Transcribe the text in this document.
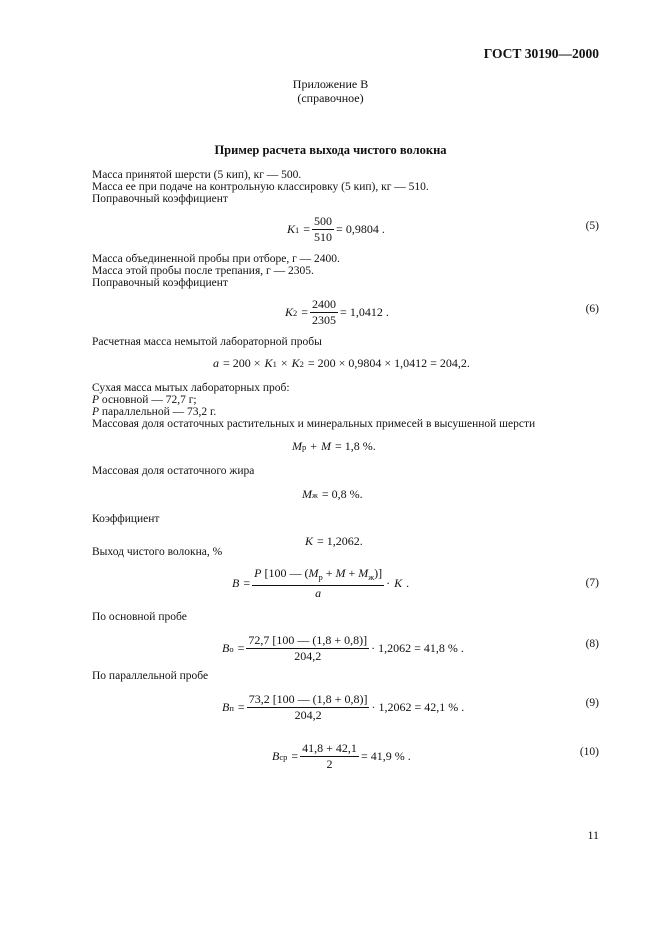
ГОСТ 30190—2000
Приложение В
(справочное)
Пример расчета выхода чистого волокна
Масса принятой шерсти (5 кип), кг — 500.
Масса ее при подаче на контрольную классировку (5 кип), кг — 510.
Поправочный коэффициент
K $1 = \frac{500}{510} = 0,9804$ .	(5)
Масса объединенной пробы при отборе, г — 2400.
Масса этой пробы после трепания, г — 2305.
Поправочный коэффициент
K $2 = \frac{2400}{2305} = 1,0412$ .	(6)
Расчетная масса немытой лабораторной пробы
a = 200 × K 1 × K 2 = 200 × 0,9804 × 1,0412 = 204,2.
Сухая масса мытых лабораторных проб:
P основной — 72,7 г;
P параллельной — 73,2 г.
Массовая доля остаточных растительных и минеральных примесей в высушенной шерсти
M р + M = 1,8 %.
Массовая доля остаточного жира
M ж = 0,8 %.
Коэффициент
K = 1,2062.
Выход чистого волокна, %
$B = \frac{P [100 — (M_р + M + M_ж)]}{a} \cdot K$ .	(7)
По основной пробе
B $о = \frac{72,7 [100 — (1,8 + 0,8)]}{204,2} \cdot 1,2062 = 41,8$ % .	(8)
По параллельной пробе
B $п = \frac{73,2 [100 — (1,8 + 0,8)]}{204,2} \cdot 1,2062 = 42,1$ % .	(9)
B ср = $\frac{41,8 + 42,1}{2} = 41,9$ % .	(10)
11
